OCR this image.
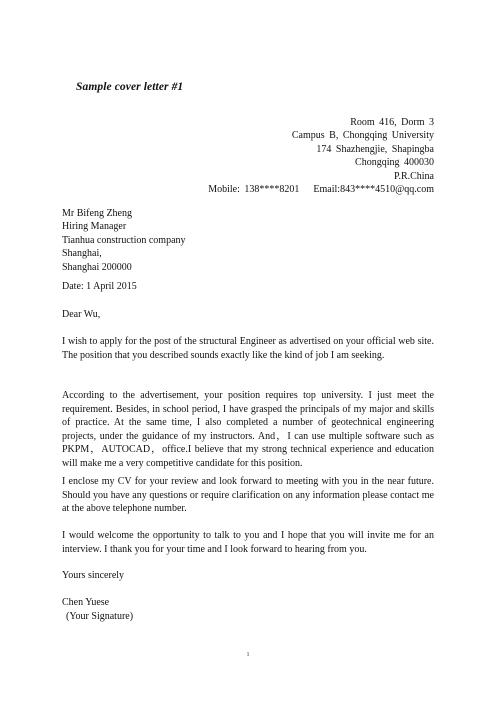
Sample cover letter #1
Room 416, Dorm 3
Campus B, Chongqing University
174 Shazhengjie, Shapingba
Chongqing 400030
P.R.China
Mobile: 138****8201 Email:843****4510@qq.com
Mr Bifeng Zheng
Hiring Manager
Tianhua construction company
Shanghai,
Shanghai 200000
Date: 1 April 2015
Dear Wu,
I wish to apply for the post of the structural Engineer as advertised on your official web site. The position that you described sounds exactly like the kind of job I am seeking.
According to the advertisement, your position requires top university. I just meet the requirement. Besides, in school period, I have grasped the principals of my major and skills of practice. At the same time, I also completed a number of geotechnical engineering projects, under the guidance of my instructors. And，I can use multiple software such as PKPM，AUTOCAD，office.I believe that my strong technical experience and education will make me a very competitive candidate for this position.
I enclose my CV for your review and look forward to meeting with you in the near future. Should you have any questions or require clarification on any information please contact me at the above telephone number.
I would welcome the opportunity to talk to you and I hope that you will invite me for an interview. I thank you for your time and I look forward to hearing from you.
Yours sincerely
Chen Yuese
(Your Signature)
1
